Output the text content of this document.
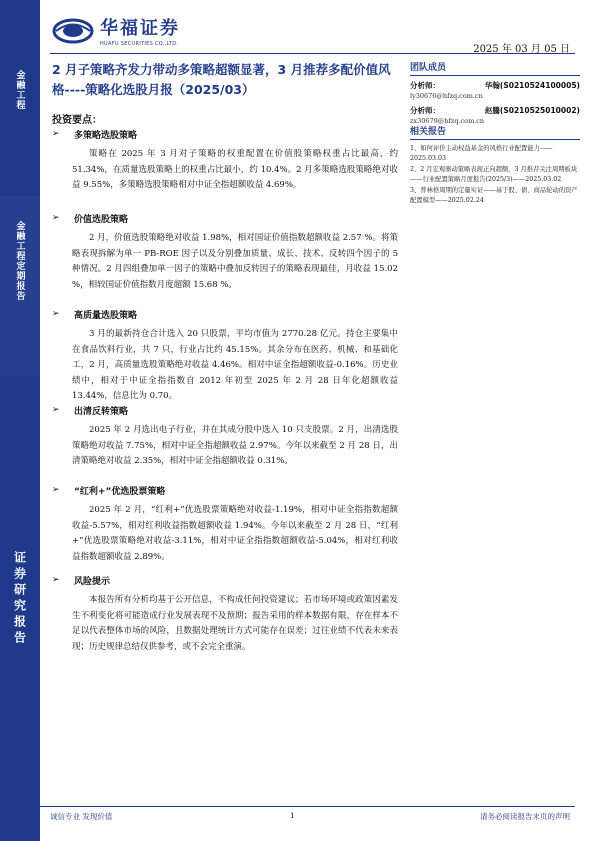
金融工程
金融工程定期报告
证券研究报告
华福证券
HUAFU SECURITIES CO.,LTD.	2025 年 03 月 05 日
2 月子策略齐发力带动多策略超额显著，3 月推荐多配价值风格----策略化选股月报（2025/03）
投资要点：
➢	多策略选股策略
策略在 2025 年 3 月对子策略的权重配置在价值股策略权重占比最高，约 51.34%，在质量选股策略上的权重占比最小，约 10.4%。2 月多策略选股策略绝对收益 9.55%，多策略选股策略相对中证全指超额收益 4.69%。
➢	价值选股策略
2 月，价值选股策略绝对收益 1.98%，相对国证价值指数超额收益 2.57 %。将策略表现拆解为单一 PB-ROE 因子以及分别叠加质量、成长、技术、反转四个因子的 5 种情况。2 月四组叠加单一因子的策略中叠加反转因子的策略表现最佳，月收益 15.02 %，相较国证价值指数月度超额 15.68 %。
➢	高质量选股策略
3 月的最新持仓合计选入 20 只股票，平均市值为 2770.28 亿元。持仓主要集中在食品饮料行业，共 7 只，行业占比约 45.15%。其余分布在医药、机械、和基础化工，2 月，高质量选股策略绝对收益 4.46%。相对中证全指超额收益-0.16%。历史业绩中，相对于中证全指指数自 2012 年初至 2025 年 2 月 28 日年化超额收益 13.44%，信息比为 0.70。
➢	出清反转策略
2025 年 2 月选出电子行业，并在其成分股中选入 10 只支股票。2 月，出清选股策略绝对收益 7.75%，相对中证全指超额收益 2.97%。今年以来截至 2 月 28 日，出清策略绝对收益 2.35%，相对中证全指超额收益 0.31%。
➢	“红利+”优选股票策略
2025 年 2 月，“红利+”优选股票策略绝对收益-1.19%，相对中证全指指数超额收益-5.57%，相对红利收益指数超额收益 1.94%。今年以来截至 2 月 28 日，“红利+”优选股票策略绝对收益-3.11%，相对中证全指指数超额收益-5.04%，相对红利收益指数超额收益 2.89%。
➢	风险提示
本报告所有分析均基于公开信息，不构成任何投资建议；若市场环境或政策因素发生不利变化将可能造成行业发展表现不及预期；报告采用的样本数据有限，存在样本不足以代表整体市场的风险，且数据处理统计方式可能存在误差；过往业绩不代表未来表现；历史规律总结仅供参考，或不会完全重演。
团队成员
分析师：	华翰(S0210524100005)
ly30676@hfzq.com.cn
分析师：	赵騰(S0210525010002)
zx30679@hfzq.com.cn
相关报告
1、如何评价主动权益基金的风格行业配置能力——2025.03.03
2、2 月宏观驱动策略表现正向超额，3 月推荐关注周期板块——行业配置策略月度报告(2025/3)——2025.03.02
3、普林格周期的定量实证——基于股、债、商品轮动的资产配置模型——2025.02.24
诚信专业 发现价值	1	请务必阅读报告末页的声明
